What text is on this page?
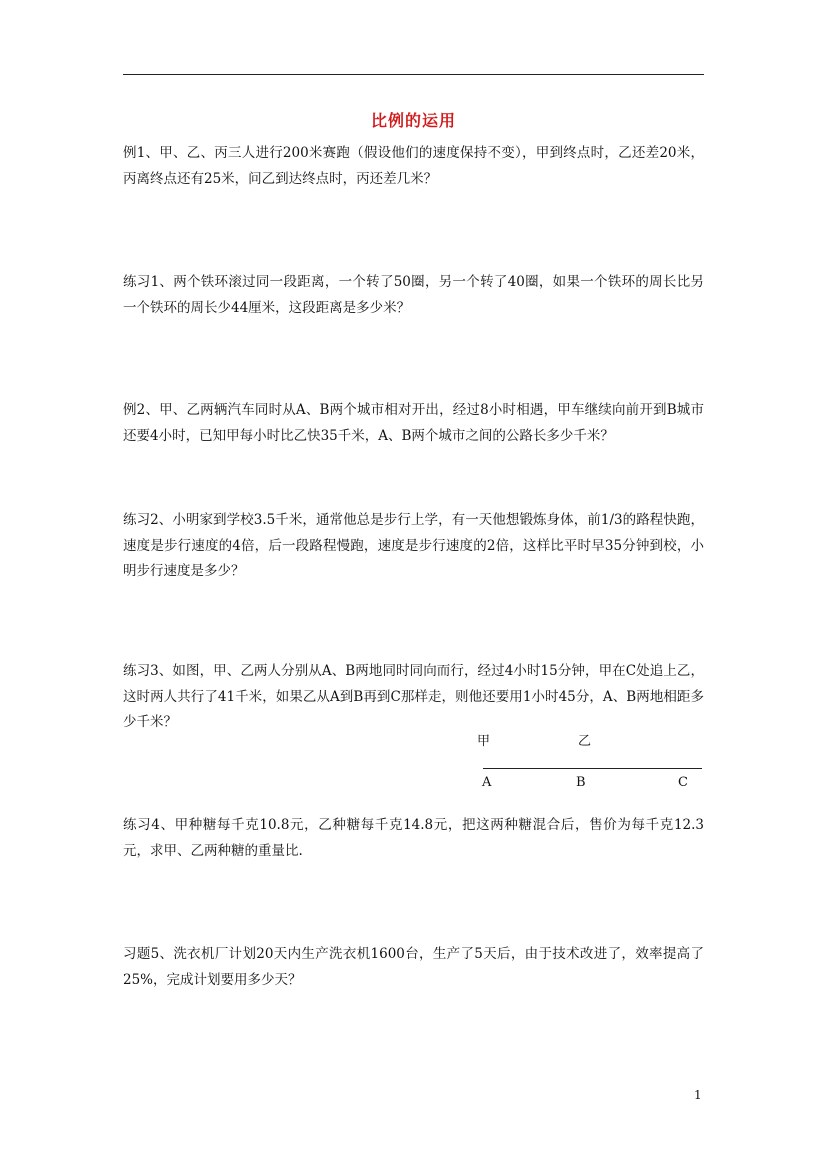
比例的运用
例1、甲、乙、丙三人进行200米赛跑（假设他们的速度保持不变），甲到终点时，乙还差20米，丙离终点还有25米，问乙到达终点时，丙还差几米？
练习1、两个铁环滚过同一段距离，一个转了50圈，另一个转了40圈，如果一个铁环的周长比另一个铁环的周长少44厘米，这段距离是多少米？
例2、甲、乙两辆汽车同时从A、B两个城市相对开出，经过8小时相遇，甲车继续向前开到B城市还要4小时，已知甲每小时比乙快35千米，A、B两个城市之间的公路长多少千米？
练习2、小明家到学校3.5千米，通常他总是步行上学，有一天他想锻炼身体，前1/3的路程快跑，速度是步行速度的4倍，后一段路程慢跑，速度是步行速度的2倍，这样比平时早35分钟到校，小明步行速度是多少？
练习3、如图，甲、乙两人分别从A、B两地同时同向而行，经过4小时15分钟，甲在C处追上乙，这时两人共行了41千米，如果乙从A到B再到C那样走，则他还要用1小时45分，A、B两地相距多少千米？
甲	乙
A	B	C
练习4、甲种糖每千克10.8元，乙种糖每千克14.8元，把这两种糖混合后，售价为每千克12.3元，求甲、乙两种糖的重量比.
习题5、洗衣机厂计划20天内生产洗衣机1600台，生产了5天后，由于技术改进了，效率提高了25%，完成计划要用多少天？
1
